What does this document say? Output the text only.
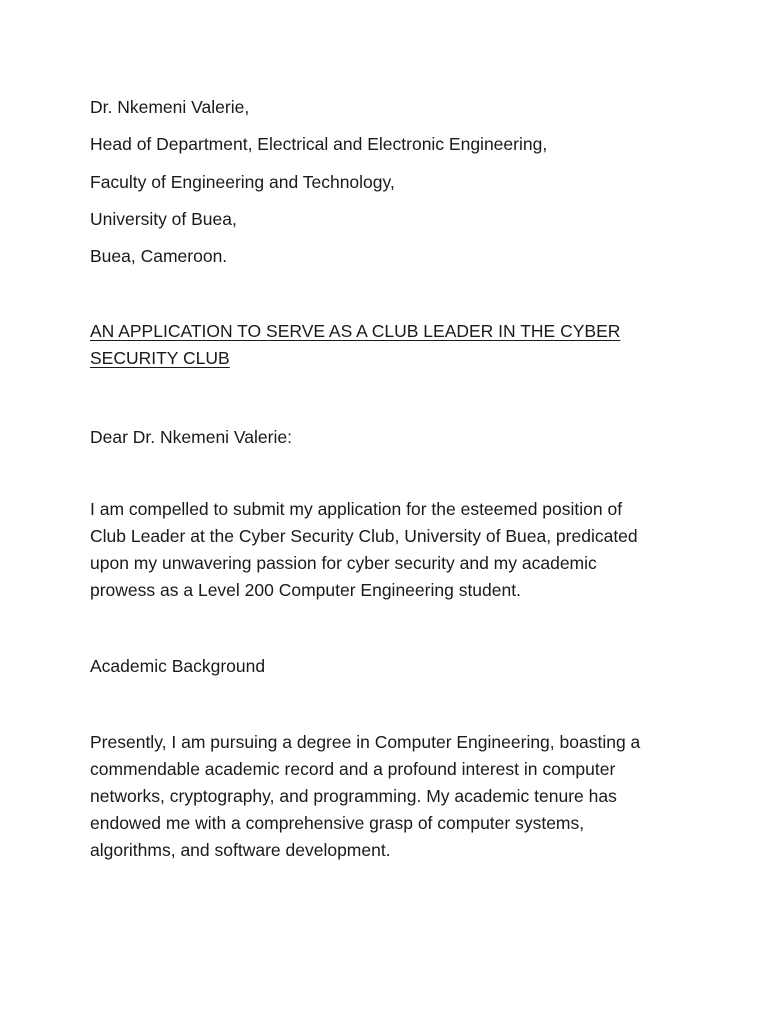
Dr. Nkemeni Valerie,
Head of Department, Electrical and Electronic Engineering,
Faculty of Engineering and Technology,
University of Buea,
Buea, Cameroon.
AN APPLICATION TO SERVE AS A CLUB LEADER IN THE CYBER SECURITY CLUB
Dear Dr. Nkemeni Valerie:
I am compelled to submit my application for the esteemed position of
Club Leader at the Cyber Security Club, University of Buea, predicated
upon my unwavering passion for cyber security and my academic
prowess as a Level 200 Computer Engineering student.
Academic Background
Presently, I am pursuing a degree in Computer Engineering, boasting a
commendable academic record and a profound interest in computer
networks, cryptography, and programming. My academic tenure has
endowed me with a comprehensive grasp of computer systems,
algorithms, and software development.
